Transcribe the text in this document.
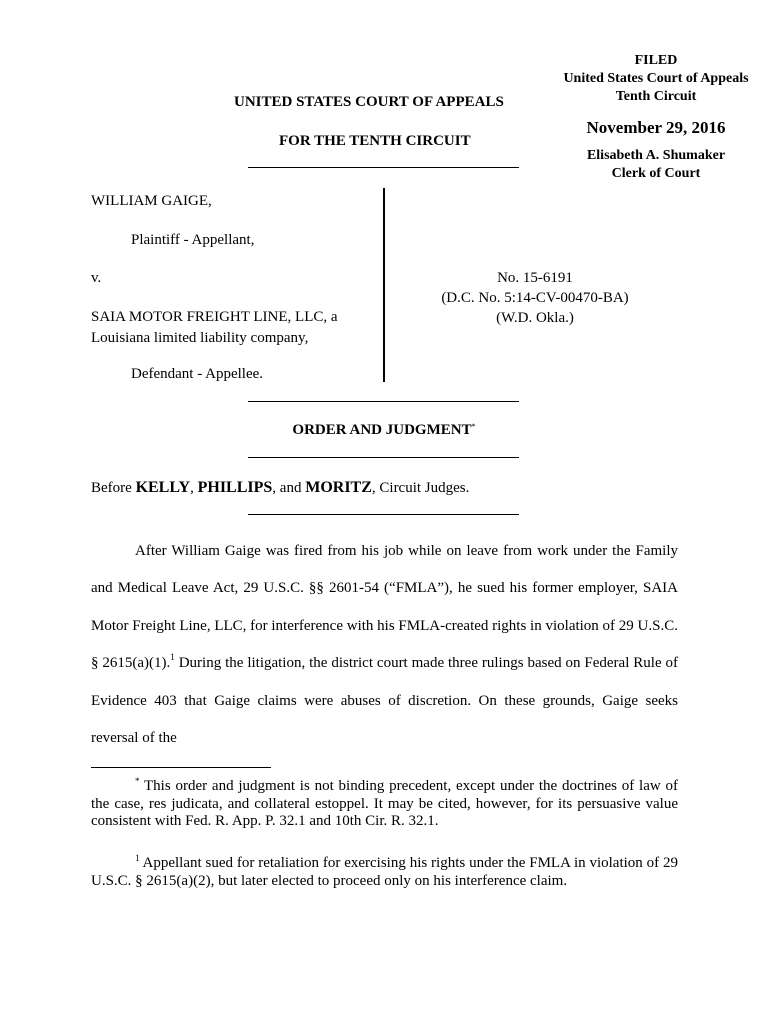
FILED
United States Court of Appeals
Tenth Circuit
November 29, 2016
Elisabeth A. Shumaker
Clerk of Court
UNITED STATES COURT OF APPEALS
FOR THE TENTH CIRCUIT
WILLIAM GAIGE,
Plaintiff - Appellant,
v.
SAIA MOTOR FREIGHT LINE, LLC, a
Louisiana limited liability company,
Defendant - Appellee.
No. 15-6191
(D.C. No. 5:14-CV-00470-BA)
(W.D. Okla.)
ORDER AND JUDGMENT*
Before KELLY, PHILLIPS, and MORITZ, Circuit Judges.

After William Gaige was fired from his job while on leave from work under the Family and Medical Leave Act, 29 U.S.C. §§ 2601-54 (“FMLA”), he sued his former employer, SAIA Motor Freight Line, LLC, for interference with his FMLA-created rights in violation of 29 U.S.C. § 2615(a)(1).$^1$ During the litigation, the district court made three rulings based on Federal Rule of Evidence 403 that Gaige claims were abuses of discretion. On these grounds, Gaige seeks reversal of the

* This order and judgment is not binding precedent, except under the doctrines of law of the case, res judicata, and collateral estoppel. It may be cited, however, for its persuasive value consistent with Fed. R. App. P. 32.1 and 10th Cir. R. 32.1.

$^1$ Appellant sued for retaliation for exercising his rights under the FMLA in violation of 29 U.S.C. § 2615(a)(2), but later elected to proceed only on his interference claim.
